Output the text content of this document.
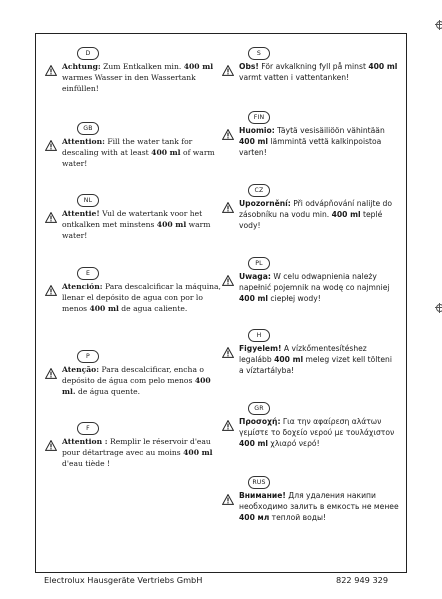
D
Achtung: Zum Entkalken min. 400 ml warmes Wasser in den Wassertank einfüllen!
GB
Attention: Fill the water tank for descaling with at least 400 ml of warm water!
NL
Attentie! Vul de watertank voor het ontkalken met minstens 400 ml warm water!
E
Atención: Para descalcificar la máquina, llenar el depósito de agua con por lo menos 400 ml de agua caliente.
P
Atenção: Para descalcificar, encha o depósito de água com pelo menos 400 ml. de água quente.
F
Attention : Remplir le réservoir d'eau pour détartrage avec au moins 400 ml d'eau tiède !
S
Obs! För avkalkning fyll på minst 400 ml varmt vatten i vattentanken!
FIN
Huomio: Täytä vesisäiliöön vähintään 400 ml lämmintä vettä kalkinpoistoa varten!
CZ
Upozornění: Při odvápňování nalijte do zásobníku na vodu min. 400 ml teplé vody!
PL
Uwaga: W celu odwapnienia należy napełnić pojemnik na wodę co najmniej 400 ml ciepłej wody!
H
Figyelem! A vízkőmentesítéshez legalább 400 ml meleg vizet kell tölteni a víztartályba!
GR
Προσοχή: Για την αφαίρεση αλάτων γεμίστε το δοχείο νερού με τουλάχιστον 400 ml χλιαρό νερό!
RUS
Внимание! Для удаления накипи необходимо залить в емкость не менее 400 мл теплой воды!
Electrolux Hausgeräte Vertriebs GmbH	822 949 329
